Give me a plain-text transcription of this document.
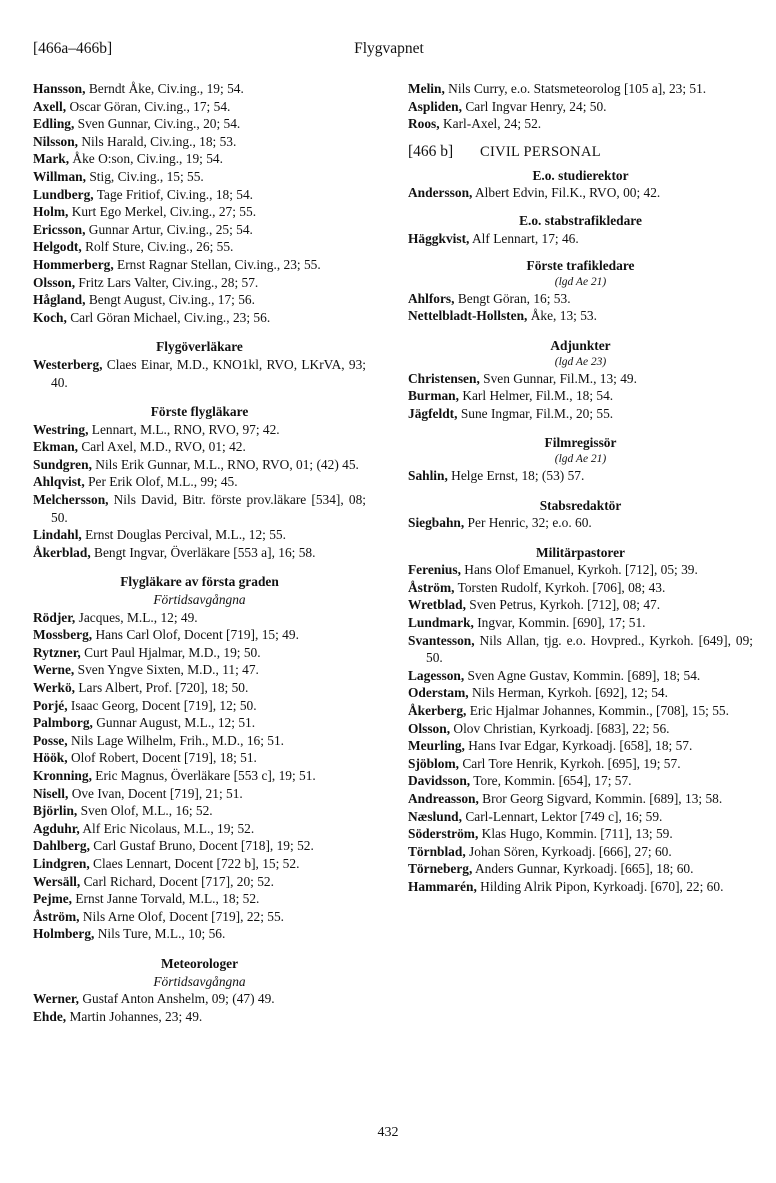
[466a–466b]	Flygvapnet
Hansson, Berndt Åke, Civ.ing., 19; 54.
Axell, Oscar Göran, Civ.ing., 17; 54.
Edling, Sven Gunnar, Civ.ing., 20; 54.
Nilsson, Nils Harald, Civ.ing., 18; 53.
Mark, Åke O:son, Civ.ing., 19; 54.
Willman, Stig, Civ.ing., 15; 55.
Lundberg, Tage Fritiof, Civ.ing., 18; 54.
Holm, Kurt Ego Merkel, Civ.ing., 27; 55.
Ericsson, Gunnar Artur, Civ.ing., 25; 54.
Helgodt, Rolf Sture, Civ.ing., 26; 55.
Hommerberg, Ernst Ragnar Stellan, Civ.ing., 23; 55.
Olsson, Fritz Lars Valter, Civ.ing., 28; 57.
Hågland, Bengt August, Civ.ing., 17; 56.
Koch, Carl Göran Michael, Civ.ing., 23; 56.
Flygöverläkare
Westerberg, Claes Einar, M.D., KNO1kl, RVO, LKrVA, 93; 40.
Förste flygläkare
Westring, Lennart, M.L., RNO, RVO, 97; 42.
Ekman, Carl Axel, M.D., RVO, 01; 42.
Sundgren, Nils Erik Gunnar, M.L., RNO, RVO, 01; (42) 45.
Ahlqvist, Per Erik Olof, M.L., 99; 45.
Melchersson, Nils David, Bitr. förste prov.läkare [534], 08; 50.
Lindahl, Ernst Douglas Percival, M.L., 12; 55.
Åkerblad, Bengt Ingvar, Överläkare [553 a], 16; 58.
Flygläkare av första graden
Förtidsavgångna
Rödjer, Jacques, M.L., 12; 49.
Mossberg, Hans Carl Olof, Docent [719], 15; 49.
Rytzner, Curt Paul Hjalmar, M.D., 19; 50.
Werne, Sven Yngve Sixten, M.D., 11; 47.
Werkö, Lars Albert, Prof. [720], 18; 50.
Porjé, Isaac Georg, Docent [719], 12; 50.
Palmborg, Gunnar August, M.L., 12; 51.
Posse, Nils Lage Wilhelm, Frih., M.D., 16; 51.
Höök, Olof Robert, Docent [719], 18; 51.
Kronning, Eric Magnus, Överläkare [553 c], 19; 51.
Nisell, Ove Ivan, Docent [719], 21; 51.
Björlin, Sven Olof, M.L., 16; 52.
Agduhr, Alf Eric Nicolaus, M.L., 19; 52.
Dahlberg, Carl Gustaf Bruno, Docent [718], 19; 52.
Lindgren, Claes Lennart, Docent [722 b], 15; 52.
Wersäll, Carl Richard, Docent [717], 20; 52.
Pejme, Ernst Janne Torvald, M.L., 18; 52.
Åström, Nils Arne Olof, Docent [719], 22; 55.
Holmberg, Nils Ture, M.L., 10; 56.
Meteorologer
Förtidsavgångna
Werner, Gustaf Anton Anshelm, 09; (47) 49.
Ehde, Martin Johannes, 23; 49.
Melin, Nils Curry, e.o. Statsmeteorolog [105 a], 23; 51.
Aspliden, Carl Ingvar Henry, 24; 50.
Roos, Karl-Axel, 24; 52.
[466 b] CIVIL PERSONAL
E.o. studierektor
Andersson, Albert Edvin, Fil.K., RVO, 00; 42.
E.o. stabstrafikledare
Häggkvist, Alf Lennart, 17; 46.
Förste trafikledare
(lgd Ae 21)
Ahlfors, Bengt Göran, 16; 53.
Nettelbladt-Hollsten, Åke, 13; 53.
Adjunkter
(lgd Ae 23)
Christensen, Sven Gunnar, Fil.M., 13; 49.
Burman, Karl Helmer, Fil.M., 18; 54.
Jägfeldt, Sune Ingmar, Fil.M., 20; 55.
Filmregissör
(lgd Ae 21)
Sahlin, Helge Ernst, 18; (53) 57.
Stabsredaktör
Siegbahn, Per Henric, 32; e.o. 60.
Militärpastorer
Ferenius, Hans Olof Emanuel, Kyrkoh. [712], 05; 39.
Åström, Torsten Rudolf, Kyrkoh. [706], 08; 43.
Wretblad, Sven Petrus, Kyrkoh. [712], 08; 47.
Lundmark, Ingvar, Kommin. [690], 17; 51.
Svantesson, Nils Allan, tjg. e.o. Hovpred., Kyrkoh. [649], 09; 50.
Lagesson, Sven Agne Gustav, Kommin. [689], 18; 54.
Oderstam, Nils Herman, Kyrkoh. [692], 12; 54.
Åkerberg, Eric Hjalmar Johannes, Kommin., [708], 15; 55.
Olsson, Olov Christian, Kyrkoadj. [683], 22; 56.
Meurling, Hans Ivar Edgar, Kyrkoadj. [658], 18; 57.
Sjöblom, Carl Tore Henrik, Kyrkoh. [695], 19; 57.
Davidsson, Tore, Kommin. [654], 17; 57.
Andreasson, Bror Georg Sigvard, Kommin. [689], 13; 58.
Næslund, Carl-Lennart, Lektor [749 c], 16; 59.
Söderström, Klas Hugo, Kommin. [711], 13; 59.
Törnblad, Johan Sören, Kyrkoadj. [666], 27; 60.
Törneberg, Anders Gunnar, Kyrkoadj. [665], 18; 60.
Hammarén, Hilding Alrik Pipon, Kyrkoadj. [670], 22; 60.
432
